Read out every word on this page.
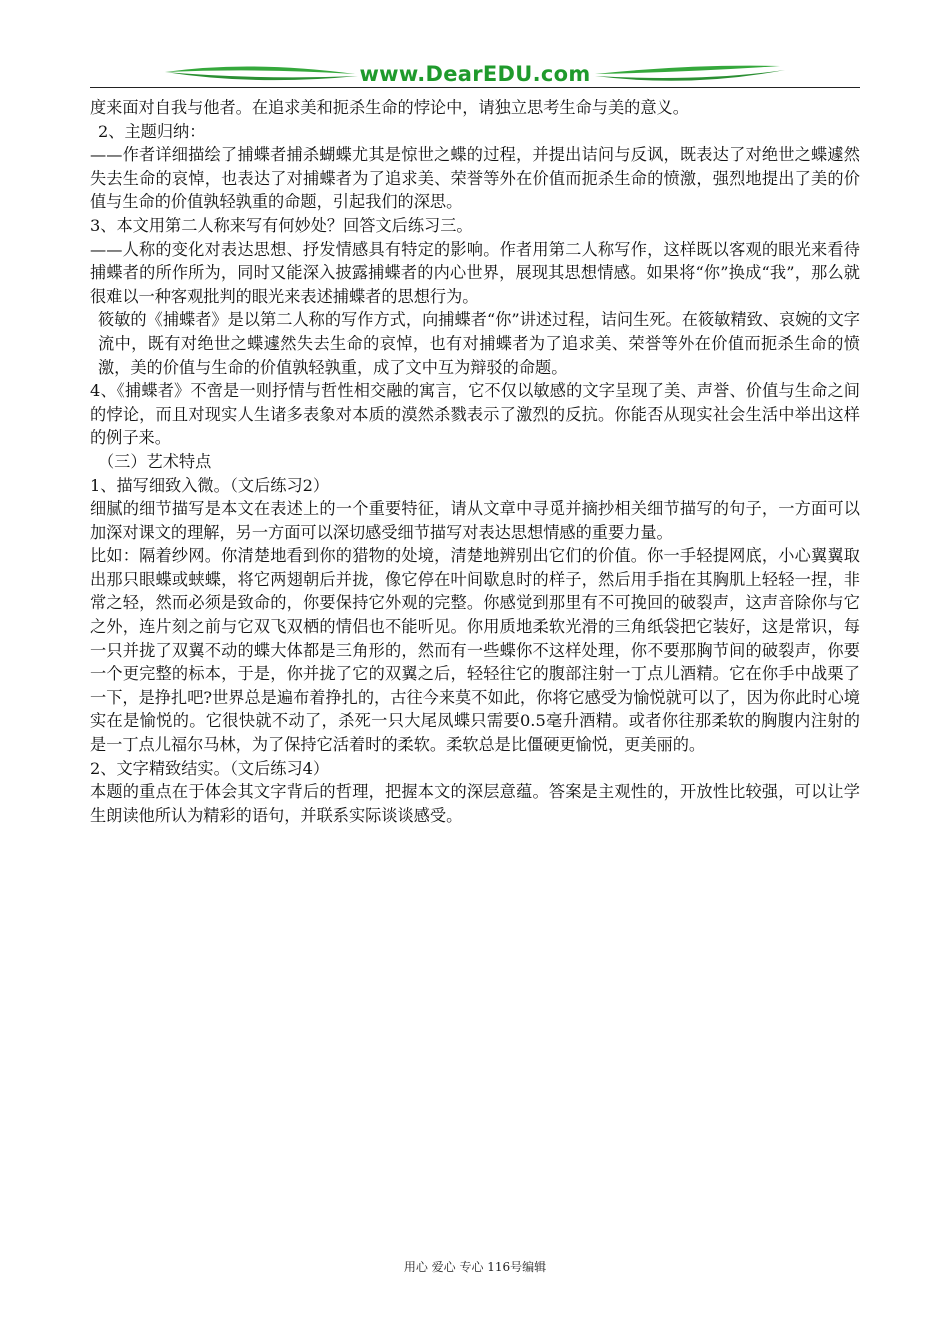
www.DearEDU.com

度来面对自我与他者。在追求美和扼杀生命的悖论中，请独立思考生命与美的意义。

2、主题归纳：

——作者详细描绘了捕蝶者捕杀蝴蝶尤其是惊世之蝶的过程，并提出诘问与反讽，既表达了对绝世之蝶遽然失去生命的哀悼，也表达了对捕蝶者为了追求美、荣誉等外在价值而扼杀生命的愤激，强烈地提出了美的价值与生命的价值孰轻孰重的命题，引起我们的深思。

3、本文用第二人称来写有何妙处？回答文后练习三。

——人称的变化对表达思想、抒发情感具有特定的影响。作者用第二人称写作，这样既以客观的眼光来看待捕蝶者的所作所为，同时又能深入披露捕蝶者的内心世界，展现其思想情感。如果将“你”换成“我”，那么就很难以一种客观批判的眼光来表述捕蝶者的思想行为。

筱敏的《捕蝶者》是以第二人称的写作方式，向捕蝶者“你”讲述过程，诘问生死。在筱敏精致、哀婉的文字流中，既有对绝世之蝶遽然失去生命的哀悼，也有对捕蝶者为了追求美、荣誉等外在价值而扼杀生命的愤激，美的价值与生命的价值孰轻孰重，成了文中互为辩驳的命题。

4、《捕蝶者》不啻是一则抒情与哲性相交融的寓言，它不仅以敏感的文字呈现了美、声誉、价值与生命之间的悖论，而且对现实人生诸多表象对本质的漠然杀戮表示了激烈的反抗。你能否从现实社会生活中举出这样的例子来。

（三）艺术特点

1、描写细致入微。（文后练习2）

细腻的细节描写是本文在表述上的一个重要特征，请从文章中寻觅并摘抄相关细节描写的句子，一方面可以加深对课文的理解，另一方面可以深切感受细节描写对表达思想情感的重要力量。

比如：隔着纱网。你清楚地看到你的猎物的处境，清楚地辨别出它们的价值。你一手轻提网底，小心翼翼取出那只眼蝶或蛱蝶，将它两翅朝后并拢，像它停在叶间歇息时的样子，然后用手指在其胸肌上轻轻一捏，非常之轻，然而必须是致命的，你要保持它外观的完整。你感觉到那里有不可挽回的破裂声，这声音除你与它之外，连片刻之前与它双飞双栖的情侣也不能听见。你用质地柔软光滑的三角纸袋把它装好，这是常识，每一只并拢了双翼不动的蝶大体都是三角形的，然而有一些蝶你不这样处理，你不要那胸节间的破裂声，你要一个更完整的标本，于是，你并拢了它的双翼之后，轻轻往它的腹部注射一丁点儿酒精。它在你手中战栗了一下，是挣扎吧?世界总是遍布着挣扎的，古往今来莫不如此，你将它感受为愉悦就可以了，因为你此时心境实在是愉悦的。它很快就不动了，杀死一只大尾凤蝶只需要0.5毫升酒精。或者你往那柔软的胸腹内注射的是一丁点儿福尔马林，为了保持它活着时的柔软。柔软总是比僵硬更愉悦，更美丽的。

2、文字精致结实。（文后练习4）

本题的重点在于体会其文字背后的哲理，把握本文的深层意蕴。答案是主观性的，开放性比较强，可以让学生朗读他所认为精彩的语句，并联系实际谈谈感受。

用心 爱心 专心 116号编辑
